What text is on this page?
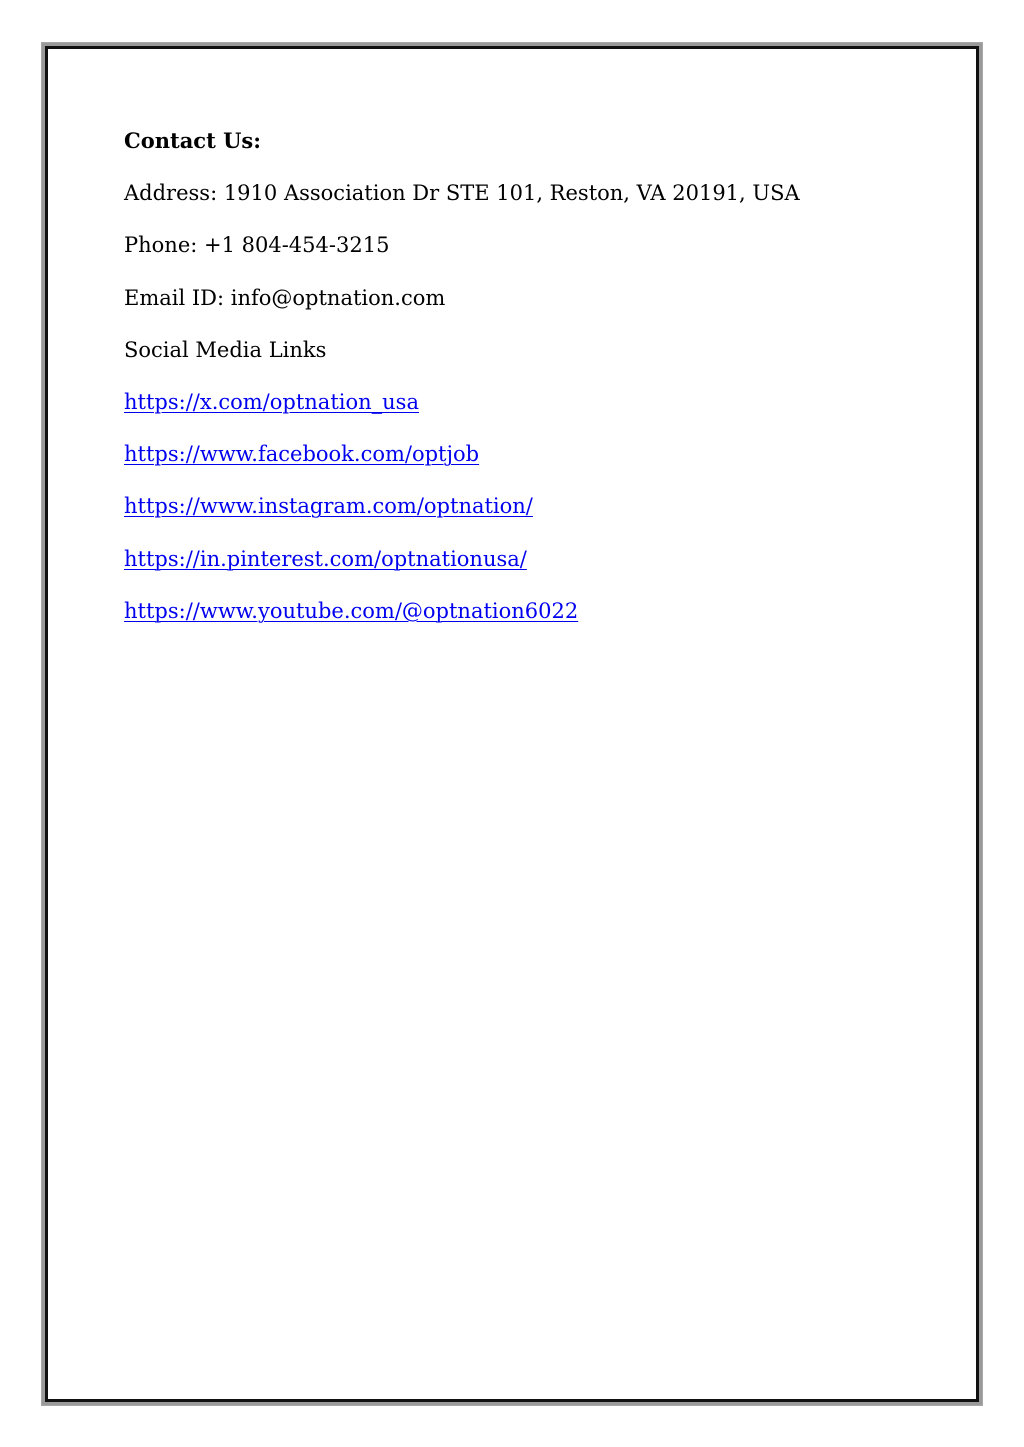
Contact Us:
Address: 1910 Association Dr STE 101, Reston, VA 20191, USA
Phone: +1 804-454-3215
Email ID: info@optnation.com
Social Media Links
https://x.com/optnation_usa
https://www.facebook.com/optjob
https://www.instagram.com/optnation/
https://in.pinterest.com/optnationusa/
https://www.youtube.com/@optnation6022
